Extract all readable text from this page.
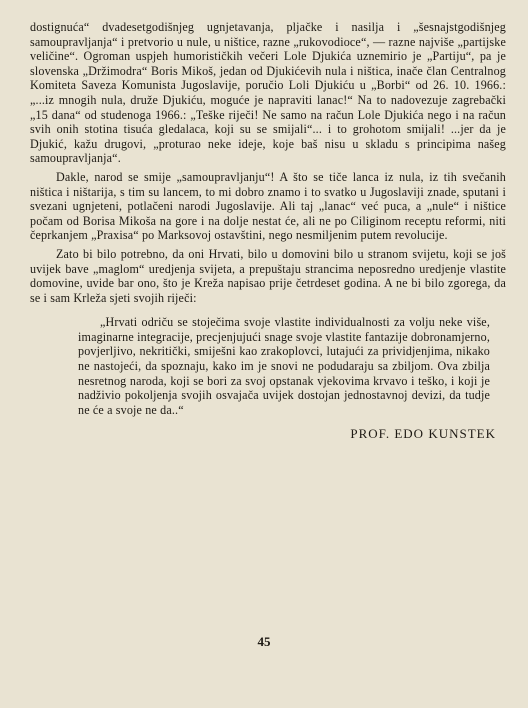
dostignuća“ dvadesetgodišnjeg ugnjetavanja, pljačke i nasilja i „šesnajstgodišnjeg samoupravljanja“ i pretvorio u nule, u ništice, razne „rukovodioce“, — razne najviše „partijske veličine“. Ogroman uspjeh humorističkih večeri Lole Djukića uznemirio je „Partiju“, pa je slovenska „Držimodra“ Boris Mikoš, jedan od Djukićevih nula i ništica, inače član Centralnog Komiteta Saveza Komunista Jugoslavije, poručio Loli Djukiću u „Borbi“ od 26. 10. 1966.: „...iz mnogih nula, druže Djukiću, moguće je napraviti lanac!“ Na to nadovezuje zagrebački „15 dana“ od studenoga 1966.: „Teške riječi! Ne samo na račun Lole Djukića nego i na račun svih onih stotina tisuća gledalaca, koji su se smijali“... i to grohotom smijali! ...jer da je Djukić, kažu drugovi, „proturao neke ideje, koje baš nisu u skladu s principima našeg samoupravljanja“.

Dakle, narod se smije „samoupravljanju“! A što se tiče lanca iz nula, iz tih svečanih ništica i ništarija, s tim su lancem, to mi dobro znamo i to svatko u Jugoslaviji znade, sputani i svezani ugnjeteni, potlačeni narodi Jugoslavije. Ali taj „lanac“ već puca, a „nule“ i ništice počam od Borisa Mikoša na gore i na dolje nestat će, ali ne po Ciliginom receptu reformi, niti čeprkanjem „Praxisa“ po Marksovoj ostavštini, nego nesmiljenim putem revolucije.

Zato bi bilo potrebno, da oni Hrvati, bilo u domovini bilo u stranom svijetu, koji se još uvijek bave „maglom“ uredjenja svijeta, a prepuštaju strancima neposredno uredjenje vlastite domovine, uvide bar ono, što je Kreža napisao prije četrdeset godina. A ne bi bilo zgorega, da se i sam Krleža sjeti svojih riječi:

„Hrvati odriču se stoječima svoje vlastite individualnosti za volju neke više, imaginarne integracije, precjenjujući snage svoje vlastite fantazije dobronamjerno, povjerljivo, nekritički, smiješni kao zrakoplovci, lutajući za prividjenjima, nikako ne nastojeći, da spoznaju, kako im je snovi ne podudaraju sa zbiljom. Ova zbilja nesretnog naroda, koji se bori za svoj opstanak vjekovima krvavo i teško, i koji je nadživio pokoljenja svojih osvajača uvijek dostojan jednostavnoj devizi, da tudje ne će a svoje ne da..“

PROF. EDO KUNSTEK
45
